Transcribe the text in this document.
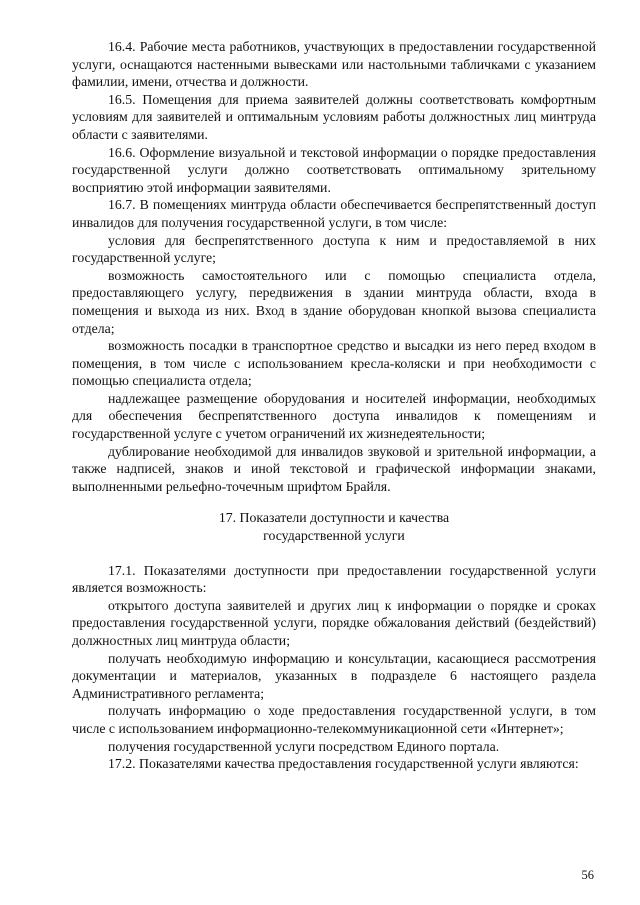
16.4. Рабочие места работников, участвующих в предоставлении государственной услуги, оснащаются настенными вывесками или настольными табличками с указанием фамилии, имени, отчества и должности.

16.5. Помещения для приема заявителей должны соответствовать комфортным условиям для заявителей и оптимальным условиям работы должностных лиц минтруда области с заявителями.

16.6. Оформление визуальной и текстовой информации о порядке предоставления государственной услуги должно соответствовать оптимальному зрительному восприятию этой информации заявителями.

16.7. В помещениях минтруда области обеспечивается беспрепятственный доступ инвалидов для получения государственной услуги, в том числе:

условия для беспрепятственного доступа к ним и предоставляемой в них государственной услуге;

возможность самостоятельного или с помощью специалиста отдела, предоставляющего услугу, передвижения в здании минтруда области, входа в помещения и выхода из них. Вход в здание оборудован кнопкой вызова специалиста отдела;

возможность посадки в транспортное средство и высадки из него перед входом в помещения, в том числе с использованием кресла-коляски и при необходимости с помощью специалиста отдела;

надлежащее размещение оборудования и носителей информации, необходимых для обеспечения беспрепятственного доступа инвалидов к помещениям и государственной услуге с учетом ограничений их жизнедеятельности;

дублирование необходимой для инвалидов звуковой и зрительной информации, а также надписей, знаков и иной текстовой и графической информации знаками, выполненными рельефно-точечным шрифтом Брайля.

17. Показатели доступности и качества
государственной услуги

17.1. Показателями доступности при предоставлении государственной услуги является возможность:

открытого доступа заявителей и других лиц к информации о порядке и сроках предоставления государственной услуги, порядке обжалования действий (бездействий) должностных лиц минтруда области;

получать необходимую информацию и консультации, касающиеся рассмотрения документации и материалов, указанных в подразделе 6 настоящего раздела Административного регламента;

получать информацию о ходе предоставления государственной услуги, в том числе с использованием информационно-телекоммуникационной сети «Интернет»;

получения государственной услуги посредством Единого портала.

17.2. Показателями качества предоставления государственной услуги являются:

56
